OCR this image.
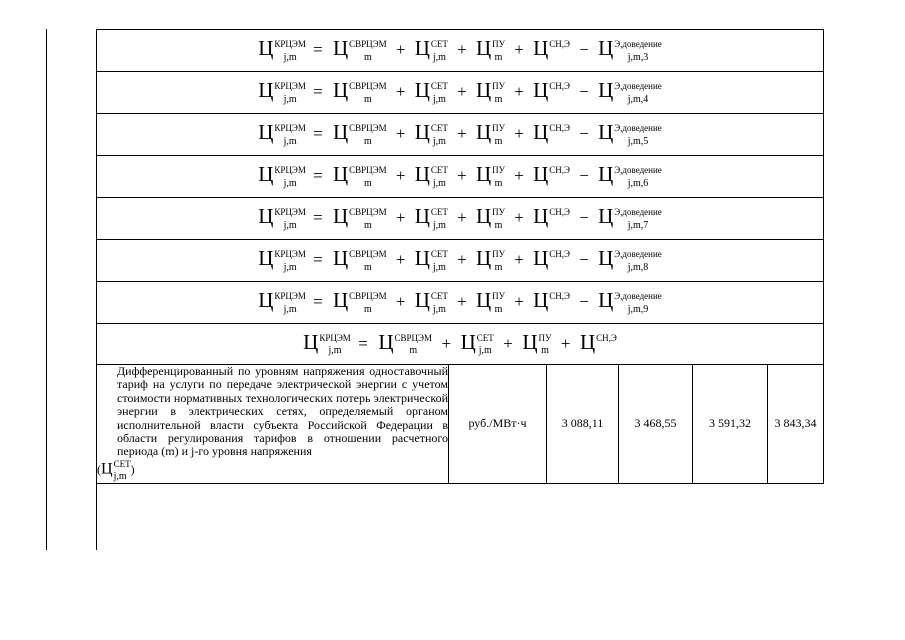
Ц КРЦЭМ
j,m = Ц СВРЦЭМ
m	+ Ц СЕТ
j,m + Ц ПУ
m + Ц СН,Э
− Ц Э,доведение
j,m,3

Ц КРЦЭМ
j,m = Ц СВРЦЭМ
m	+ Ц СЕТ
j,m + Ц ПУ
m + Ц СН,Э
− Ц Э,доведение
j,m,4

Ц КРЦЭМ
j,m = Ц СВРЦЭМ
m	+ Ц СЕТ
j,m + Ц ПУ
m + Ц СН,Э
− Ц Э,доведение
j,m,5

Ц КРЦЭМ
j,m = Ц СВРЦЭМ
m	+ Ц СЕТ
j,m + Ц ПУ
m + Ц СН,Э
− Ц Э,доведение
j,m,6

Ц КРЦЭМ
j,m = Ц СВРЦЭМ
m	+ Ц СЕТ
j,m + Ц ПУ
m + Ц СН,Э
− Ц Э,доведение
j,m,7

Ц КРЦЭМ
j,m = Ц СВРЦЭМ
m	+ Ц СЕТ
j,m + Ц ПУ
m + Ц СН,Э
− Ц Э,доведение
j,m,8

Ц КРЦЭМ
j,m = Ц СВРЦЭМ
m	+ Ц СЕТ
j,m + Ц ПУ
m + Ц СН,Э
− Ц Э,доведение
j,m,9

Ц КРЦЭМ
j,m = Ц СВРЦЭМ
m	+ Ц СЕТ
j,m + Ц ПУ
m + Ц СН,Э

Дифференцированный по уровням напряжения одноставочный тариф на услуги по передаче электрической энергии с учетом стоимости нормативных технологических потерь электрической энергии в электрических сетях, определяемый органом исполнительной власти субъекта Российской Федерации в области регулирования тарифов в отношении расчетного периода (m) и j-го уровня напряжения
(Ц СЕТ
j,m
)	руб./МВт·ч	3 088,11	3 468,55	3 591,32	3 843,34
